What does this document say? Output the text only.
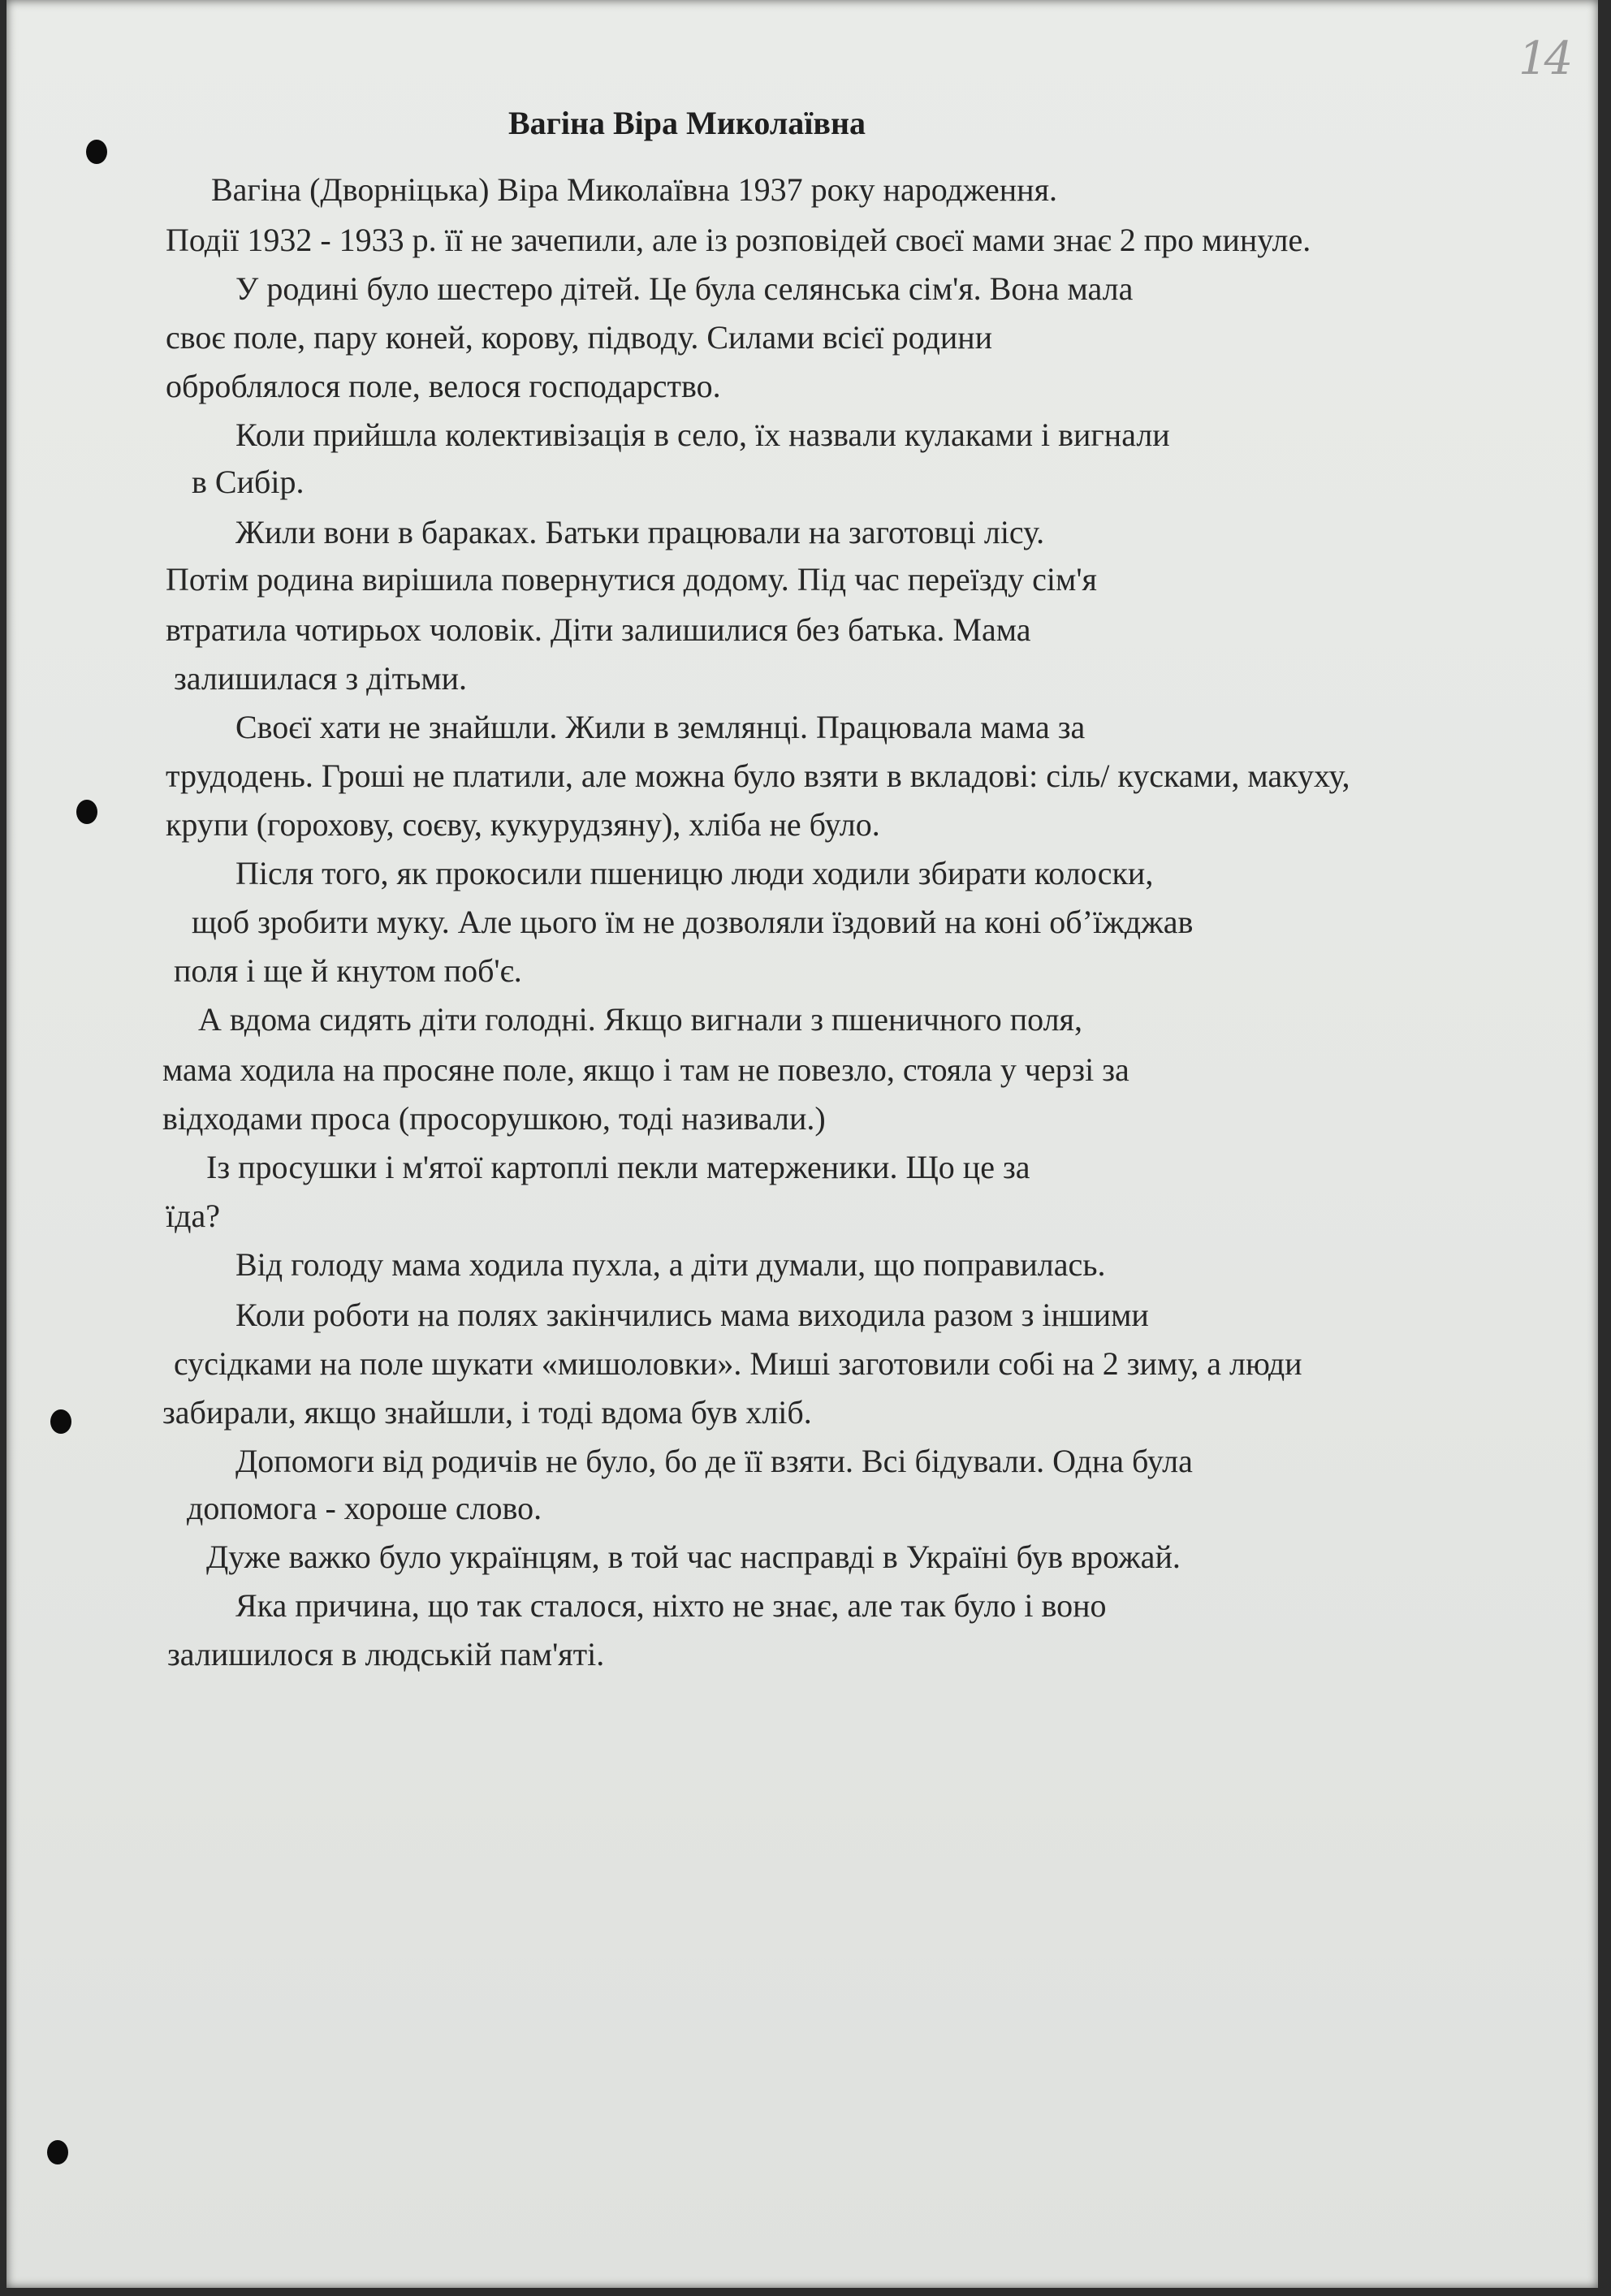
14
Вагіна Віра Миколаївна
Вагіна (Дворніцька) Віра Миколаївна 1937 року народження.
Події 1932 - 1933 р. її не зачепили, але із розповідей своєї мами знає 2 про минуле.
У родині було шестеро дітей. Це була селянська сім'я. Вона мала
своє поле, пару коней, корову, підводу. Силами всієї родини
оброблялося поле, велося господарство.
Коли прийшла колективізація в село, їх назвали кулаками і вигнали
в Сибір.
Жили вони в бараках. Батьки працювали на заготовці лісу.
Потім родина вирішила повернутися додому. Під час переїзду сім'я
втратила чотирьох чоловік. Діти залишилися без батька. Мама
залишилася з дітьми.
Своєї хати не знайшли. Жили в землянці. Працювала мама за
трудодень. Гроші не платили, але можна було взяти в вкладові: сіль/ кусками, макуху,
крупи (горохову, соєву, кукурудзяну), хліба не було.
Після того, як прокосили пшеницю люди ходили збирати колоски,
щоб зробити муку. Але цього їм не дозволяли їздовий на коні об’їжджав
поля і ще й кнутом поб'є.
А вдома сидять діти голодні. Якщо вигнали з пшеничного поля,
мама ходила на просяне поле, якщо і там не повезло, стояла у черзі за
відходами проса (просорушкою, тоді називали.)
Із просушки і м'ятої картоплі пекли матерженики. Що це за
їда?
Від голоду мама ходила пухла, а діти думали, що поправилась.
Коли роботи на полях закінчились мама виходила разом з іншими
сусідками на поле шукати «мишоловки». Миші заготовили собі на 2 зиму, а люди
забирали, якщо знайшли, і тоді вдома був хліб.
Допомоги від родичів не було, бо де її взяти. Всі бідували. Одна була
допомога - хороше слово.
Дуже важко було українцям, в той час насправді в Україні був врожай.
Яка причина, що так сталося, ніхто не знає, але так було і воно
залишилося в людській пам'яті.
